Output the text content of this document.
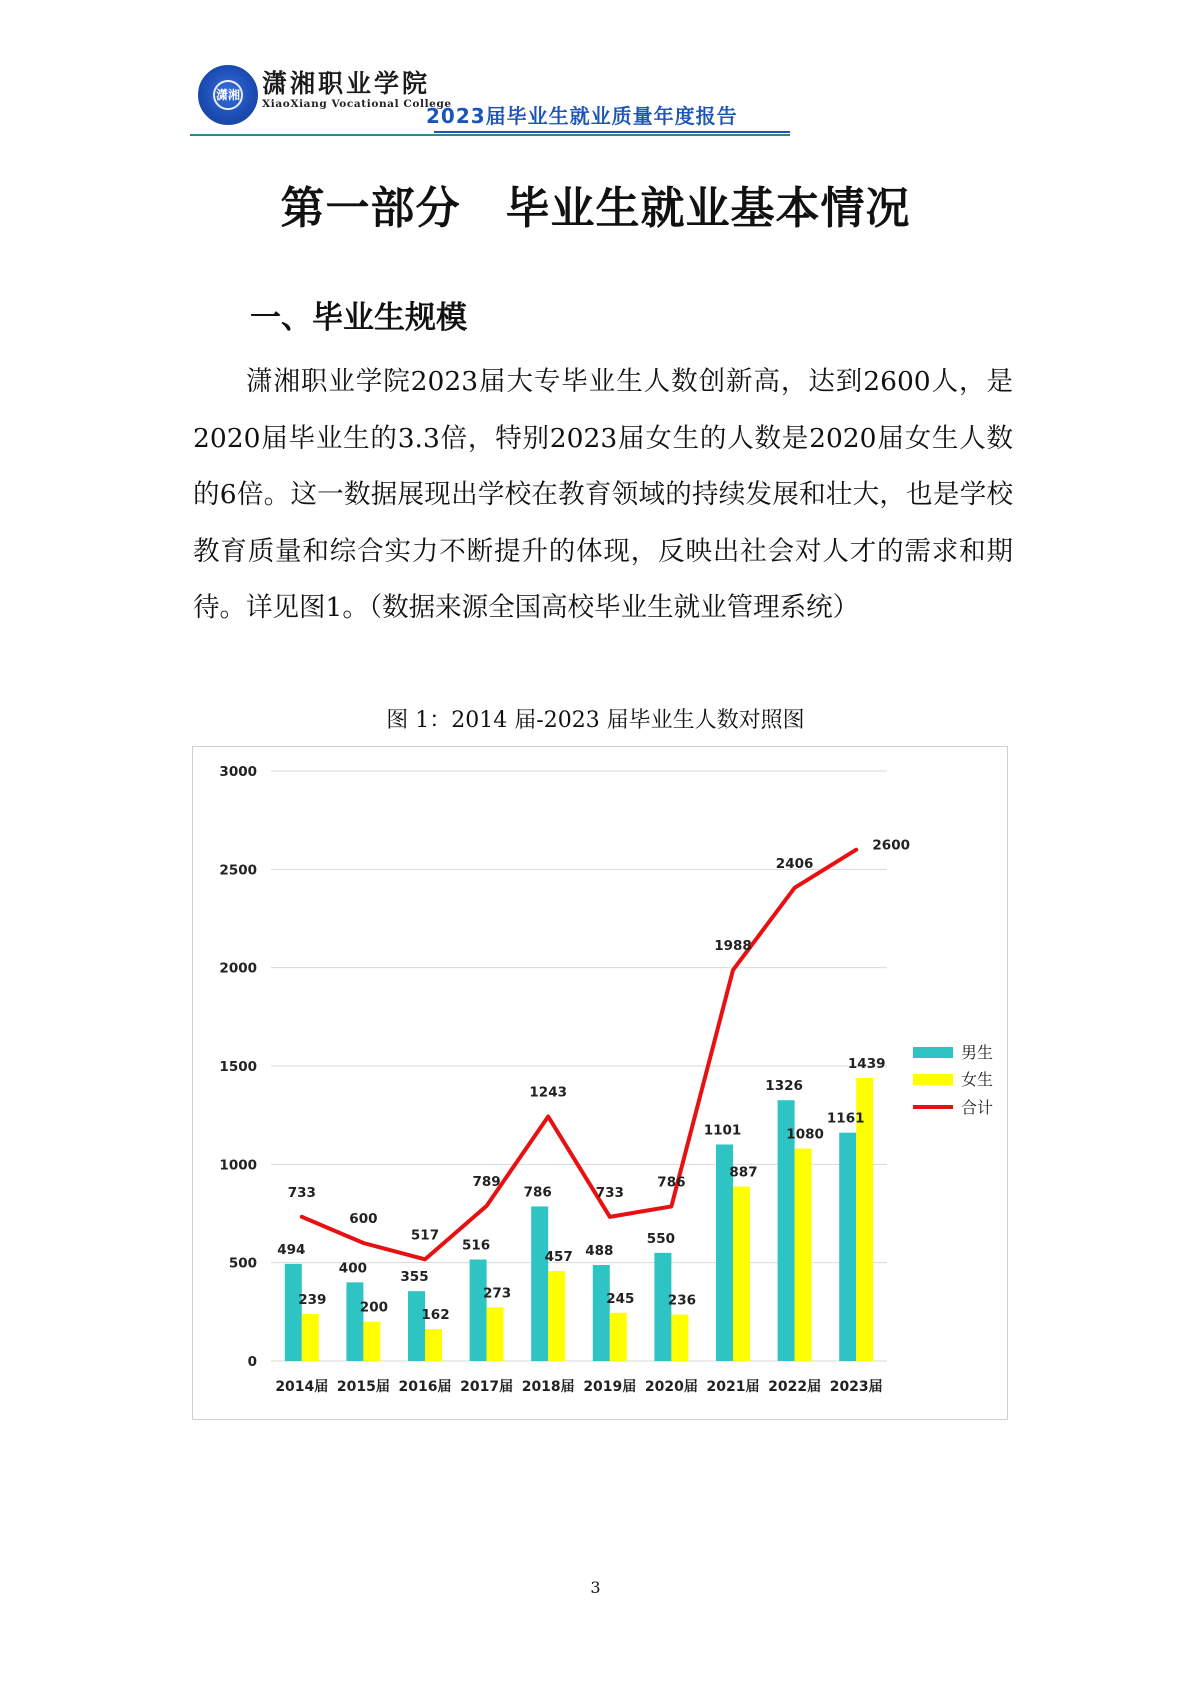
潇湘 潇湘职业学院
XiaoXiang Vocational College
2023届毕业生就业质量年度报告
第一部分　毕业生就业基本情况
一、毕业生规模

潇湘职业学院2023届大专毕业生人数创新高，达到2600人，是2020届毕业生的3.3倍，特别2023届女生的人数是2020届女生人数的6倍。这一数据展现出学校在教育领域的持续发展和壮大，也是学校教育质量和综合实力不断提升的体现，反映出社会对人才的需求和期待。详见图1。（数据来源全国高校毕业生就业管理系统）

图 1：2014 届-2023 届毕业生人数对照图
0
500
1000
1500
2000
2500
3000
2014届 2015届 2016届 2017届 2018届 2019届 2020届 2021届 2022届 2023届
494
239
733
400
200
600
355
162
517
516
273
789
786
457
1243
488
245
733
550
236
786
1101
887
1988
1326
1080
2406
1161
1439
2600
男生
女生
合计
3
